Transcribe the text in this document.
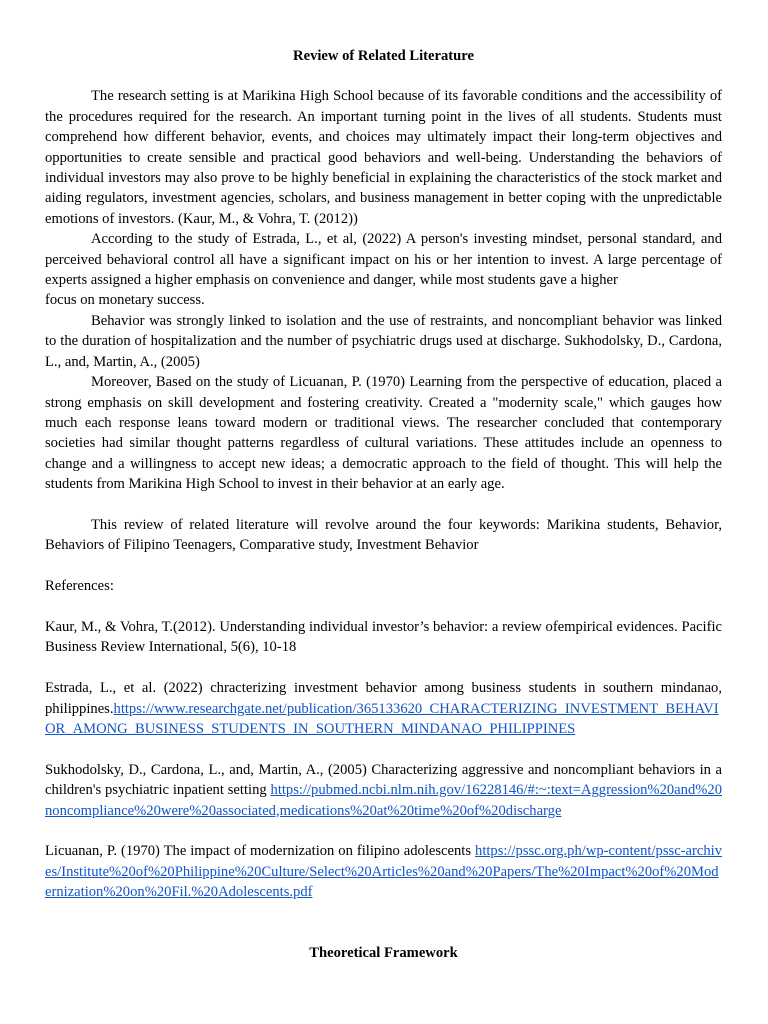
Review of Related Literature

The research setting is at Marikina High School because of its favorable conditions and the accessibility of the procedures required for the research. An important turning point in the lives of all students. Students must comprehend how different behavior, events, and choices may ultimately impact their long-term objectives and opportunities to create sensible and practical good behaviors and well-being. Understanding the behaviors of individual investors may also prove to be highly beneficial in explaining the characteristics of the stock market and aiding regulators, investment agencies, scholars, and business management in better coping with the unpredictable emotions of investors. (Kaur, M., & Vohra, T. (2012))

According to the study of Estrada, L., et al, (2022) A person's investing mindset, personal standard, and perceived behavioral control all have a significant impact on his or her intention to invest. A large percentage of experts assigned a higher emphasis on convenience and danger, while most students gave a higher

focus on monetary success.

Behavior was strongly linked to isolation and the use of restraints, and noncompliant behavior was linked to the duration of hospitalization and the number of psychiatric drugs used at discharge. Sukhodolsky, D., Cardona, L., and, Martin, A., (2005)

Moreover, Based on the study of Licuanan, P. (1970) Learning from the perspective of education, placed a strong emphasis on skill development and fostering creativity. Created a "modernity scale," which gauges how much each response leans toward modern or traditional views. The researcher concluded that contemporary societies had similar thought patterns regardless of cultural variations. These attitudes include an openness to change and a willingness to accept new ideas; a democratic approach to the field of thought. This will help the students from Marikina High School to invest in their behavior at an early age.

This review of related literature will revolve around the four keywords: Marikina students, Behavior, Behaviors of Filipino Teenagers, Comparative study, Investment Behavior

References:

Kaur, M., & Vohra, T.(2012). Understanding individual investor’s behavior: a review ofempirical evidences. Pacific Business Review International, 5(6), 10-18

Estrada, L., et al. (2022) chracterizing investment behavior among business students in southern mindanao, philippines.https://www.researchgate.net/publication/365133620_CHARACTERIZING_INVESTMENT_BEHAVIOR_AMONG_BUSINESS_STUDENTS_IN_SOUTHERN_MINDANAO_PHILIPPINES

Sukhodolsky, D., Cardona, L., and, Martin, A., (2005) Characterizing aggressive and noncompliant behaviors in a children's psychiatric inpatient setting https://pubmed.ncbi.nlm.nih.gov/16228146/#:~:text=Aggression%20and%20noncompliance%20were%20associated,medications%20at%20time%20of%20discharge

Licuanan, P. (1970) The impact of modernization on filipino adolescents https://pssc.org.ph/wp-content/pssc-archives/Institute%20of%20Philippine%20Culture/Select%20Articles%20and%20Papers/The%20Impact%20of%20Modernization%20on%20Fil.%20Adolescents.pdf

Theoretical Framework
